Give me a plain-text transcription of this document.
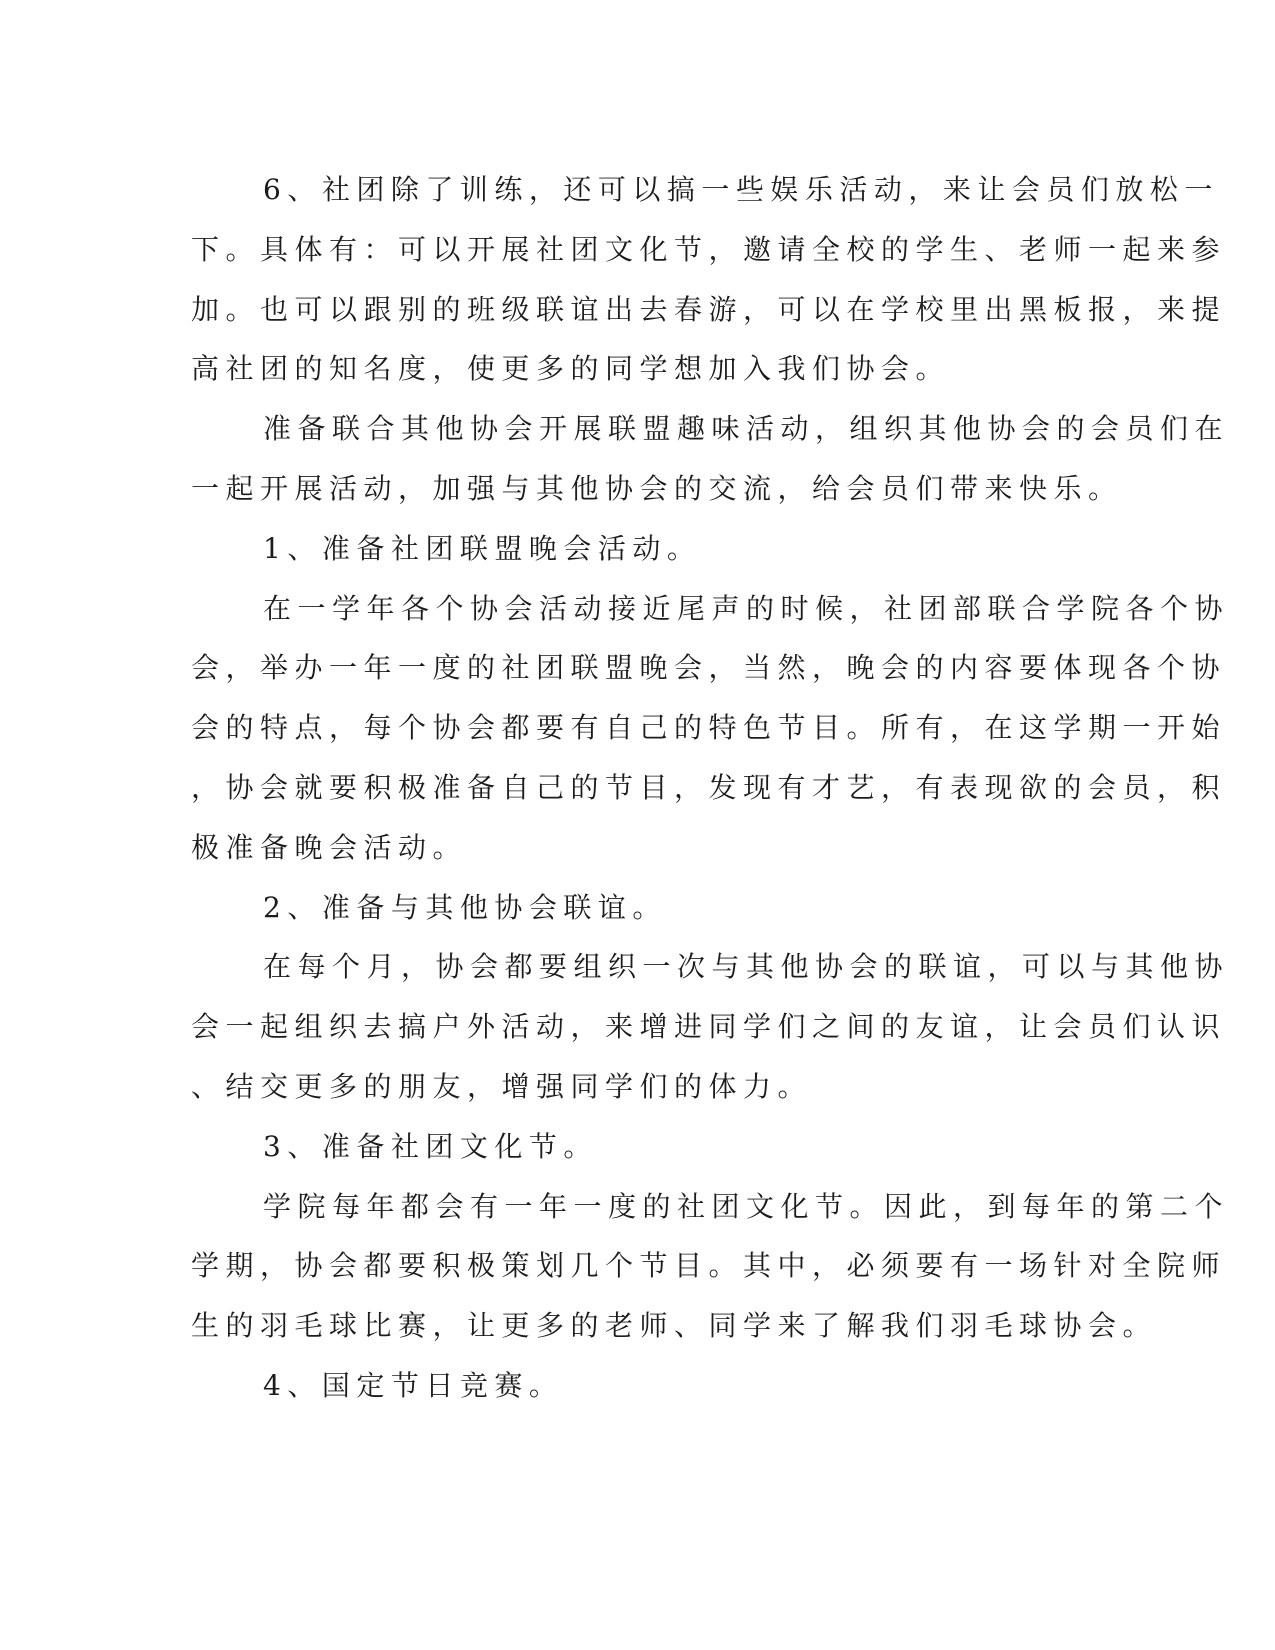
6、社团除了训练，还可以搞一些娱乐活动，来让会员们放松一

下。具体有：可以开展社团文化节，邀请全校的学生、老师一起来参

加。也可以跟别的班级联谊出去春游，可以在学校里出黑板报，来提

高社团的知名度，使更多的同学想加入我们协会。

准备联合其他协会开展联盟趣味活动，组织其他协会的会员们在

一起开展活动，加强与其他协会的交流，给会员们带来快乐。

1、准备社团联盟晚会活动。

在一学年各个协会活动接近尾声的时候，社团部联合学院各个协

会，举办一年一度的社团联盟晚会，当然，晚会的内容要体现各个协

会的特点，每个协会都要有自己的特色节目。所有，在这学期一开始

，协会就要积极准备自己的节目，发现有才艺，有表现欲的会员，积

极准备晚会活动。

2、准备与其他协会联谊。

在每个月，协会都要组织一次与其他协会的联谊，可以与其他协

会一起组织去搞户外活动，来增进同学们之间的友谊，让会员们认识

、结交更多的朋友，增强同学们的体力。

3、准备社团文化节。

学院每年都会有一年一度的社团文化节。因此，到每年的第二个

学期，协会都要积极策划几个节目。其中，必须要有一场针对全院师

生的羽毛球比赛，让更多的老师、同学来了解我们羽毛球协会。

4、国定节日竞赛。
